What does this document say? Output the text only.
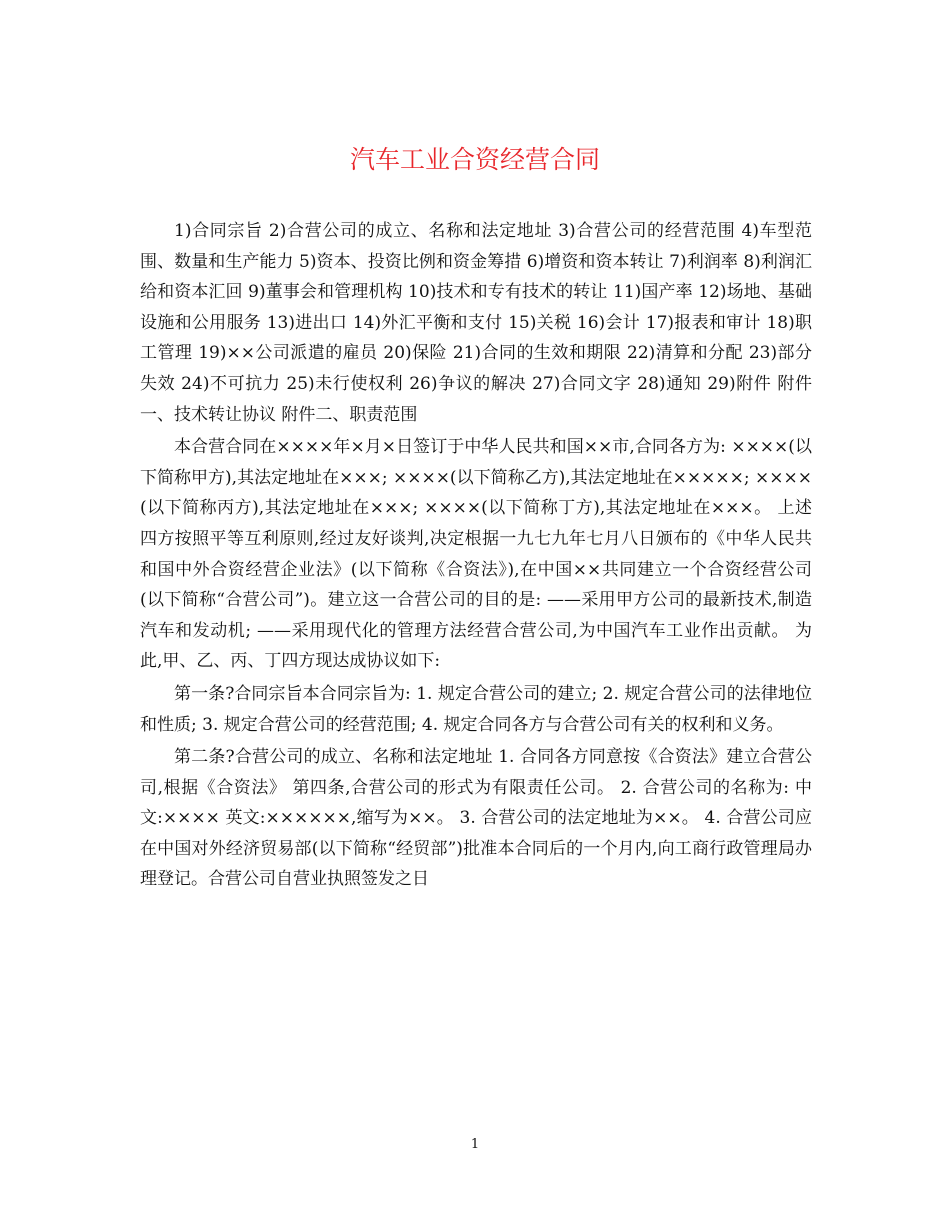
汽车工业合资经营合同

1)合同宗旨 2)合营公司的成立、名称和法定地址 3)合营公司的经营范围 4)车型范围、数量和生产能力 5)资本、投资比例和资金筹措 6)增资和资本转让 7)利润率 8)利润汇给和资本汇回 9)董事会和管理机构 10)技术和专有技术的转让 11)国产率 12)场地、基础设施和公用服务 13)进出口 14)外汇平衡和支付 15)关税 16)会计 17)报表和审计 18)职工管理 19)××公司派遣的雇员 20)保险 21)合同的生效和期限 22)清算和分配 23)部分失效 24)不可抗力 25)未行使权利 26)争议的解决 27)合同文字 28)通知 29)附件 附件一、技术转让协议 附件二、职责范围

本合营合同在××××年×月×日签订于中华人民共和国××市,合同各方为: ××××(以下简称甲方),其法定地址在×××; ××××(以下简称乙方),其法定地址在×××××; ××××(以下简称丙方),其法定地址在×××; ××××(以下简称丁方),其法定地址在×××。 上述四方按照平等互利原则,经过友好谈判,决定根据一九七九年七月八日颁布的《中华人民共和国中外合资经营企业法》(以下简称《合资法》),在中国××共同建立一个合资经营公司(以下简称“合营公司”)。建立这一合营公司的目的是: ——采用甲方公司的最新技术,制造汽车和发动机; ——采用现代化的管理方法经营合营公司,为中国汽车工业作出贡献。 为此,甲、乙、丙、丁四方现达成协议如下:

第一条?合同宗旨本合同宗旨为: 1. 规定合营公司的建立; 2. 规定合营公司的法律地位和性质; 3. 规定合营公司的经营范围; 4. 规定合同各方与合营公司有关的权利和义务。

第二条?合营公司的成立、名称和法定地址 1. 合同各方同意按《合资法》建立合营公司,根据《合资法》 第四条,合营公司的形式为有限责任公司。 2. 合营公司的名称为: 中文:×××× 英文:××××××,缩写为××。 3. 合营公司的法定地址为××。 4. 合营公司应在中国对外经济贸易部(以下简称“经贸部”)批准本合同后的一个月内,向工商行政管理局办理登记。合营公司自营业执照签发之日

1
